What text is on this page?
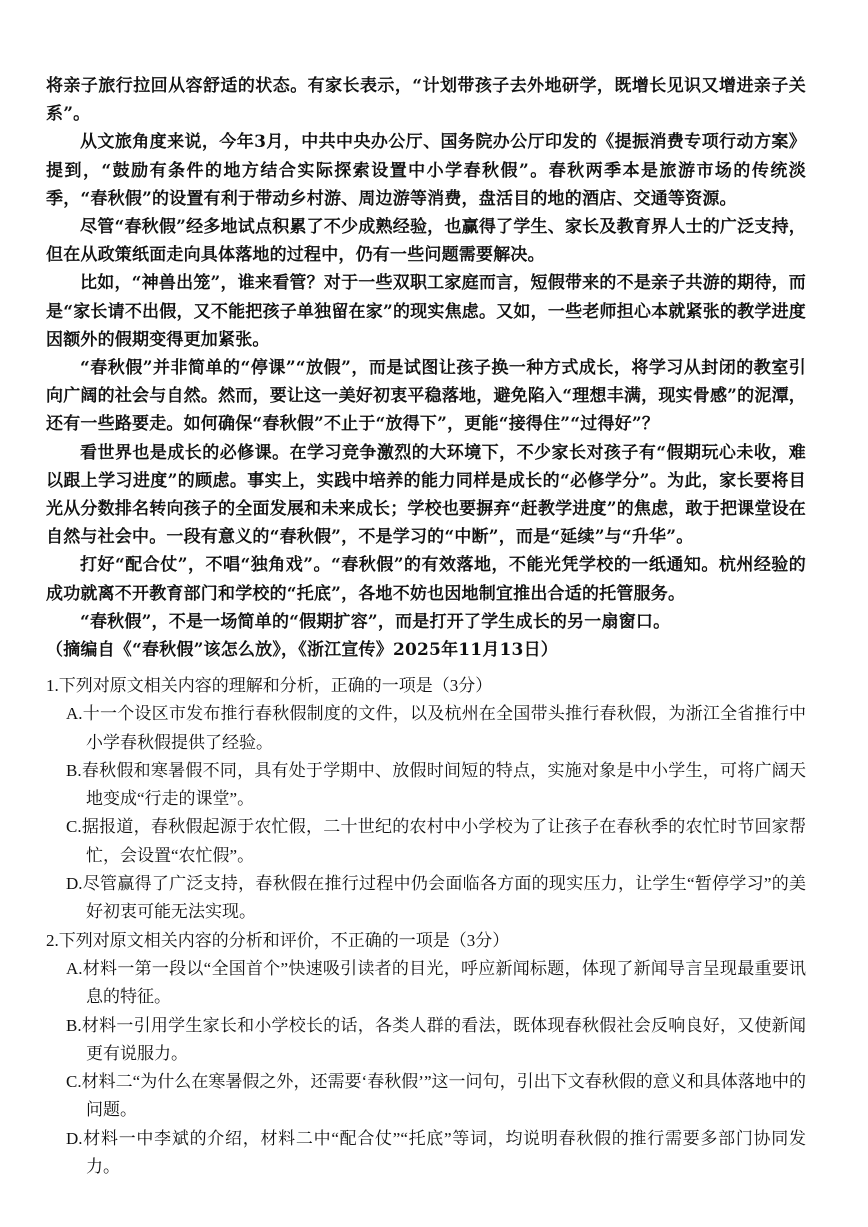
将亲子旅行拉回从容舒适的状态。有家长表示，“计划带孩子去外地研学，既增长见识又增进亲子关系”。

从文旅角度来说，今年3月，中共中央办公厅、国务院办公厅印发的《提振消费专项行动方案》提到，“鼓励有条件的地方结合实际探索设置中小学春秋假”。春秋两季本是旅游市场的传统淡季，“春秋假”的设置有利于带动乡村游、周边游等消费，盘活目的地的酒店、交通等资源。

尽管“春秋假”经多地试点积累了不少成熟经验，也赢得了学生、家长及教育界人士的广泛支持，但在从政策纸面走向具体落地的过程中，仍有一些问题需要解决。

比如，“神兽出笼”，谁来看管？对于一些双职工家庭而言，短假带来的不是亲子共游的期待，而是“家长请不出假，又不能把孩子单独留在家”的现实焦虑。又如，一些老师担心本就紧张的教学进度因额外的假期变得更加紧张。

“春秋假”并非简单的“停课”“放假”，而是试图让孩子换一种方式成长，将学习从封闭的教室引向广阔的社会与自然。然而，要让这一美好初衷平稳落地，避免陷入“理想丰满，现实骨感”的泥潭，还有一些路要走。如何确保“春秋假”不止于“放得下”，更能“接得住”“过得好”？

看世界也是成长的必修课。在学习竞争激烈的大环境下，不少家长对孩子有“假期玩心未收，难以跟上学习进度”的顾虑。事实上，实践中培养的能力同样是成长的“必修学分”。为此，家长要将目光从分数排名转向孩子的全面发展和未来成长；学校也要摒弃“赶教学进度”的焦虑，敢于把课堂设在自然与社会中。一段有意义的“春秋假”，不是学习的“中断”，而是“延续”与“升华”。

打好“配合仗”，不唱“独角戏”。“春秋假”的有效落地，不能光凭学校的一纸通知。杭州经验的成功就离不开教育部门和学校的“托底”，各地不妨也因地制宜推出合适的托管服务。

“春秋假”，不是一场简单的“假期扩容”，而是打开了学生成长的另一扇窗口。

（摘编自《“春秋假”该怎么放》，《浙江宣传》2025年11月13日）

1.下列对原文相关内容的理解和分析，正确的一项是（3分）

A.十一个设区市发布推行春秋假制度的文件，以及杭州在全国带头推行春秋假，为浙江全省推行中小学春秋假提供了经验。

B.春秋假和寒暑假不同，具有处于学期中、放假时间短的特点，实施对象是中小学生，可将广阔天地变成“行走的课堂”。

C.据报道，春秋假起源于农忙假，二十世纪的农村中小学校为了让孩子在春秋季的农忙时节回家帮忙，会设置“农忙假”。

D.尽管赢得了广泛支持，春秋假在推行过程中仍会面临各方面的现实压力，让学生“暂停学习”的美好初衷可能无法实现。

2.下列对原文相关内容的分析和评价，不正确的一项是（3分）

A.材料一第一段以“全国首个”快速吸引读者的目光，呼应新闻标题，体现了新闻导言呈现最重要讯息的特征。

B.材料一引用学生家长和小学校长的话，各类人群的看法，既体现春秋假社会反响良好，又使新闻更有说服力。

C.材料二“为什么在寒暑假之外，还需要‘春秋假’”这一问句，引出下文春秋假的意义和具体落地中的问题。

D.材料一中李斌的介绍，材料二中“配合仗”“托底”等词，均说明春秋假的推行需要多部门协同发力。
